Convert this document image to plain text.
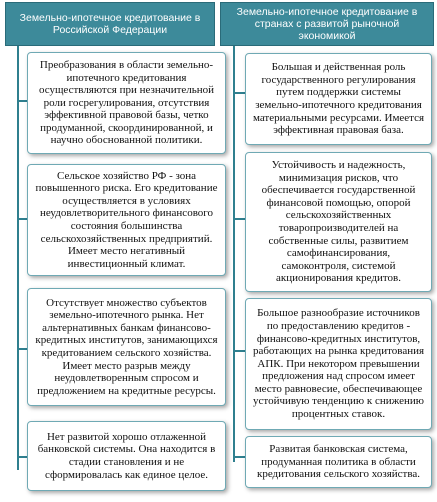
Земельно-ипотечное кредитование в Российской Федерации
Земельно-ипотечное кредитование в странах с развитой рыночной экономикой
Преобразования в области земельно-ипотечного кредитования осуществляются при незначительной роли госрегулирования, отсутствия эффективной правовой базы, четко продуманной, скоординированной, и научно обоснованной политики.
Сельское хозяйство РФ - зона повышенного риска. Его кредитование осуществляется в условиях неудовлетворительного финансового состояния большинства сельскохозяйственных предприятий. Имеет место негативный инвестиционный климат.
Отсутствует множество субъектов земельно-ипотечного рынка. Нет альтернативных банкам финансово-кредитных институтов, занимающихся кредитованием сельского хозяйства. Имеет место разрыв между неудовлетворенным спросом и предложением на кредитные ресурсы.
Нет развитой хорошо отлаженной банковской системы. Она находится в стадии становления и не сформировалась как единое целое.
Большая и действенная роль государственного регулирования путем поддержки системы земельно-ипотечного кредитования материальными ресурсами. Имеется эффективная правовая база.
Устойчивость и надежность, минимизация рисков, что обеспечивается государственной финансовой помощью, опорой сельскохозяйственных товаропроизводителей на собственные силы, развитием самофинансирования, самоконтроля, системой акционирования кредитов.
Большое разнообразие источников по предоставлению кредитов - финансово-кредитных институтов, работающих на рынка кредитования АПК. При некотором превышении предложения над спросом имеет место равновесие, обеспечивающее устойчивую тенденцию к снижению процентных ставок.
Развитая банковская система, продуманная политика в области кредитования сельского хозяйства.
